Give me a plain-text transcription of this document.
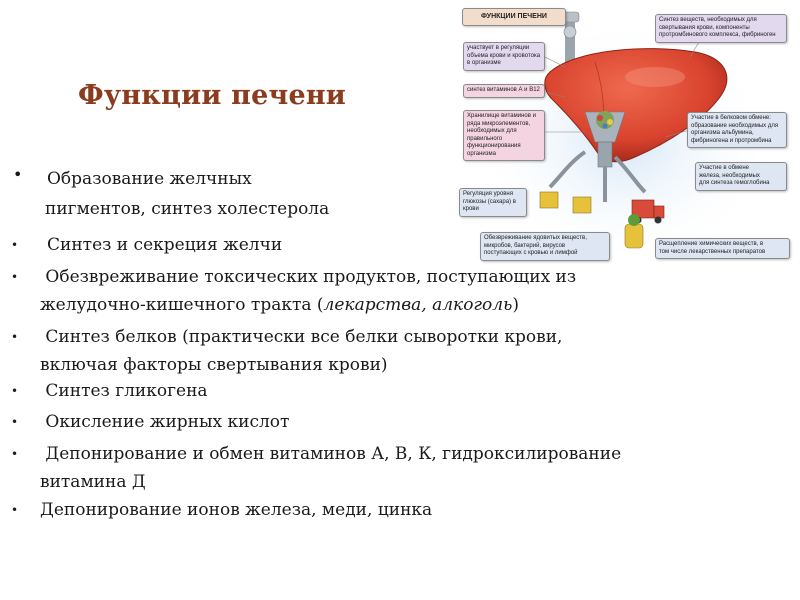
Функции печени
• Образование желчных
пигментов, синтез холестерола
• Синтез и секреция желчи
•	Обезвреживание токсических продуктов, поступающих из
желудочно-кишечного тракта (лекарства, алкоголь)
•	Синтез белков (практически все белки сыворотки крови,
включая факторы свертывания крови)
•	Синтез гликогена
•	Окисление жирных кислот
•	Депонирование и обмен витаминов А, В, К, гидроксилирование
витамина Д
• Депонирование ионов железа, меди, цинка
ФУНКЦИИ ПЕЧЕНИ
участвует в регуляции
объема крови и кровотока
в организме
синтез витаминов А и В12
Хранилище витаминов и
ряда микроэлементов,
необходимых для
правильного
функционирования
организма
Регуляция уровня
глюкозы (сахара) в
крови
Обезвреживание ядовитых веществ,
микробов, бактерий, вирусов
поступающих с кровью и лимфой
Синтез веществ, необходимых для
свертывания крови, компоненты
протромбинового комплекса, фибриноген
Участие в белковом обмене:
образование необходимых для
организма альбумина,
фибриногена и протромбина
Участие в обмене
железа, необходимых
для синтеза гемоглобина
Расщепление химических веществ, в
том числе лекарственных препаратов
